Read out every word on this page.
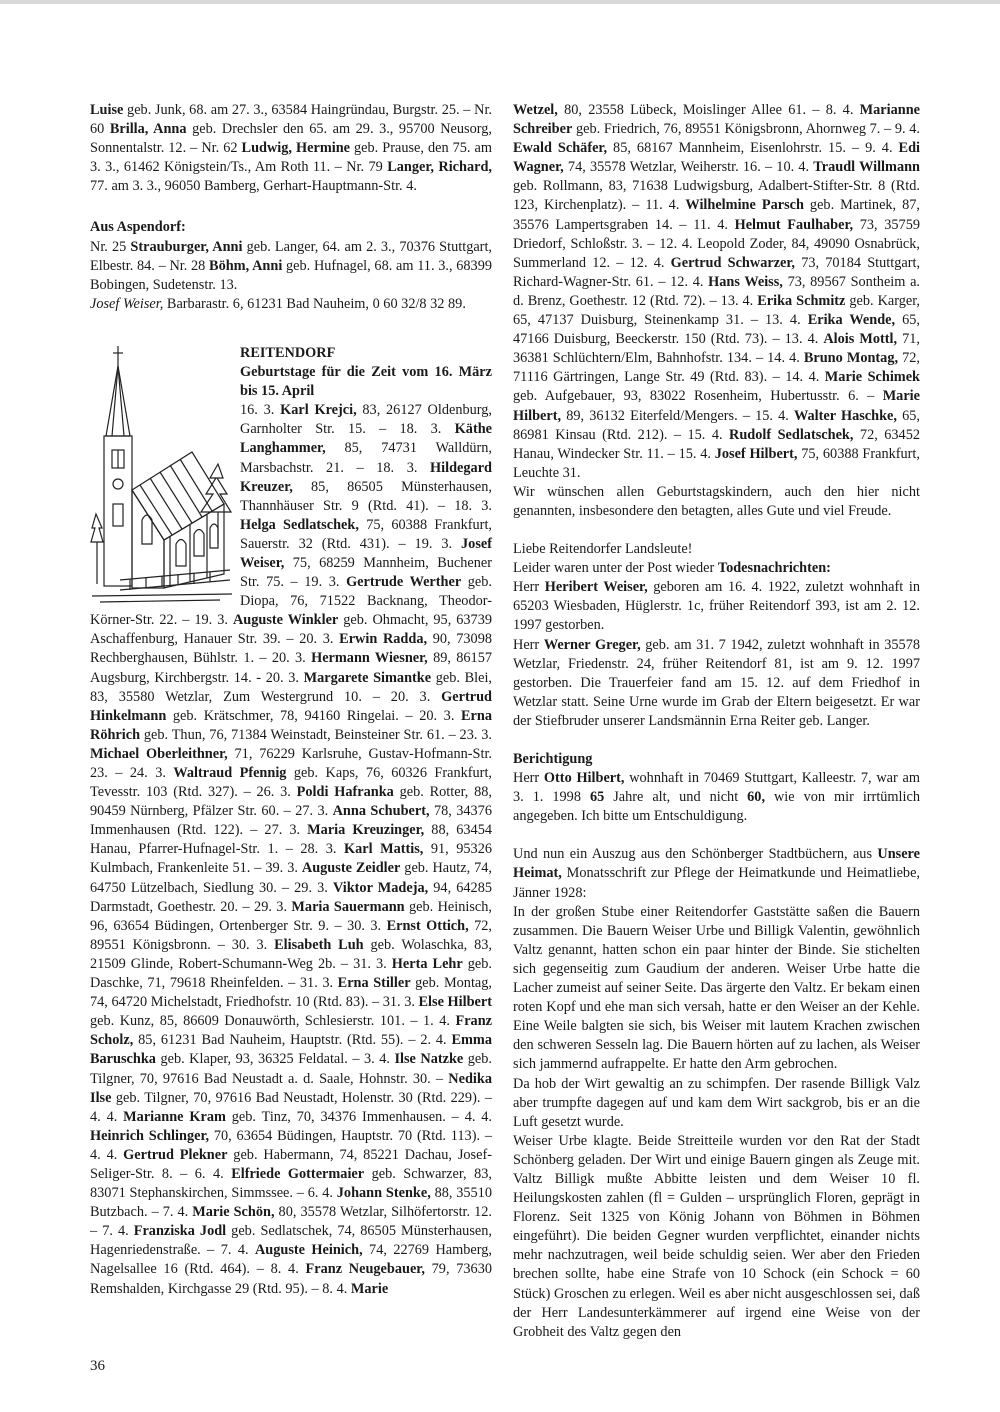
Luise geb. Junk, 68. am 27. 3., 63584 Haingründau, Burgstr. 25. – Nr. 60 Brilla, Anna geb. Drechsler den 65. am 29. 3., 95700 Neusorg, Sonnentalstr. 12. – Nr. 62 Ludwig, Hermine geb. Prause, den 75. am 3. 3., 61462 Königstein/Ts., Am Roth 11. – Nr. 79 Langer, Richard, 77. am 3. 3., 96050 Bamberg, Gerhart-Hauptmann-Str. 4.

Aus Aspendorf:

Nr. 25 Strauburger, Anni geb. Langer, 64. am 2. 3., 70376 Stuttgart, Elbestr. 84. – Nr. 28 Böhm, Anni geb. Hufnagel, 68. am 11. 3., 68399 Bobingen, Sudetenstr. 13.

Josef Weiser, Barbarastr. 6, 61231 Bad Nauheim, 0 60 32/8 32 89.

REITENDORF

Geburtstage für die Zeit vom 16. März bis 15. April

16. 3. Karl Krejci, 83, 26127 Oldenburg, Garnholter Str. 15. – 18. 3. Käthe Langhammer, 85, 74731 Walldürn, Marsbachstr. 21. – 18. 3. Hildegard Kreuzer, 85, 86505 Münsterhausen, Thannhäuser Str. 9 (Rtd. 41). – 18. 3. Helga Sedlatschek, 75, 60388 Frankfurt, Sauerstr. 32 (Rtd. 431). – 19. 3. Josef Weiser, 75, 68259 Mannheim, Buchener Str. 75. – 19. 3. Gertrude Werther geb. Diopa, 76, 71522 Backnang, Theodor-Körner-Str. 22. – 19. 3. Auguste Winkler geb. Ohmacht, 95, 63739 Aschaffenburg, Hanauer Str. 39. – 20. 3. Erwin Radda, 90, 73098 Rechberghausen, Bühlstr. 1. – 20. 3. Hermann Wiesner, 89, 86157 Augsburg, Kirchbergstr. 14. - 20. 3. Margarete Simantke geb. Blei, 83, 35580 Wetzlar, Zum Westergrund 10. – 20. 3. Gertrud Hinkelmann geb. Krätschmer, 78, 94160 Ringelai. – 20. 3. Erna Röhrich geb. Thun, 76, 71384 Weinstadt, Beinsteiner Str. 61. – 23. 3. Michael Oberleithner, 71, 76229 Karlsruhe, Gustav-Hofmann-Str. 23. – 24. 3. Waltraud Pfennig geb. Kaps, 76, 60326 Frankfurt, Tevesstr. 103 (Rtd. 327). – 26. 3. Poldi Hafranka geb. Rotter, 88, 90459 Nürnberg, Pfälzer Str. 60. – 27. 3. Anna Schubert, 78, 34376 Immenhausen (Rtd. 122). – 27. 3. Maria Kreuzinger, 88, 63454 Hanau, Pfarrer-Hufnagel-Str. 1. – 28. 3. Karl Mattis, 91, 95326 Kulmbach, Frankenleite 51. – 39. 3. Auguste Zeidler geb. Hautz, 74, 64750 Lützelbach, Siedlung 30. – 29. 3. Viktor Madeja, 94, 64285 Darmstadt, Goethestr. 20. – 29. 3. Maria Sauermann geb. Heinisch, 96, 63654 Büdingen, Ortenberger Str. 9. – 30. 3. Ernst Ottich, 72, 89551 Königsbronn. – 30. 3. Elisabeth Luh geb. Wolaschka, 83, 21509 Glinde, Robert-Schumann-Weg 2b. – 31. 3. Herta Lehr geb. Daschke, 71, 79618 Rheinfelden. – 31. 3. Erna Stiller geb. Montag, 74, 64720 Michelstadt, Friedhofstr. 10 (Rtd. 83). – 31. 3. Else Hilbert geb. Kunz, 85, 86609 Donauwörth, Schlesierstr. 101. – 1. 4. Franz Scholz, 85, 61231 Bad Nauheim, Hauptstr. (Rtd. 55). – 2. 4. Emma Baruschka geb. Klaper, 93, 36325 Feldatal. – 3. 4. Ilse Natzke geb. Tilgner, 70, 97616 Bad Neustadt a. d. Saale, Hohnstr. 30. – Nedika Ilse geb. Tilgner, 70, 97616 Bad Neustadt, Holenstr. 30 (Rtd. 229). – 4. 4. Marianne Kram geb. Tinz, 70, 34376 Immenhausen. – 4. 4. Heinrich Schlinger, 70, 63654 Büdingen, Hauptstr. 70 (Rtd. 113). – 4. 4. Gertrud Plekner geb. Habermann, 74, 85221 Dachau, Josef-Seliger-Str. 8. – 6. 4. Elfriede Gottermaier geb. Schwarzer, 83, 83071 Stephanskirchen, Simmssee. – 6. 4. Johann Stenke, 88, 35510 Butzbach. – 7. 4. Marie Schön, 80, 35578 Wetzlar, Silhöfertorstr. 12. – 7. 4. Franziska Jodl geb. Sedlatschek, 74, 86505 Münsterhausen, Hagenriedenstraße. – 7. 4. Auguste Heinich, 74, 22769 Hamberg, Nagelsallee 16 (Rtd. 464). – 8. 4. Franz Neugebauer, 79, 73630 Remshalden, Kirchgasse 29 (Rtd. 95). – 8. 4. Marie

Wetzel, 80, 23558 Lübeck, Moislinger Allee 61. – 8. 4. Marianne Schreiber geb. Friedrich, 76, 89551 Königsbronn, Ahornweg 7. – 9. 4. Ewald Schäfer, 85, 68167 Mannheim, Eisenlohrstr. 15. – 9. 4. Edi Wagner, 74, 35578 Wetzlar, Weiherstr. 16. – 10. 4. Traudl Willmann geb. Rollmann, 83, 71638 Ludwigsburg, Adalbert-Stifter-Str. 8 (Rtd. 123, Kirchenplatz). – 11. 4. Wilhelmine Parsch geb. Martinek, 87, 35576 Lampertsgraben 14. – 11. 4. Helmut Faulhaber, 73, 35759 Driedorf, Schloßstr. 3. – 12. 4. Leopold Zoder, 84, 49090 Osnabrück, Summerland 12. – 12. 4. Gertrud Schwarzer, 73, 70184 Stuttgart, Richard-Wagner-Str. 61. – 12. 4. Hans Weiss, 73, 89567 Sontheim a. d. Brenz, Goethestr. 12 (Rtd. 72). – 13. 4. Erika Schmitz geb. Karger, 65, 47137 Duisburg, Steinenkamp 31. – 13. 4. Erika Wende, 65, 47166 Duisburg, Beeckerstr. 150 (Rtd. 73). – 13. 4. Alois Mottl, 71, 36381 Schlüchtern/Elm, Bahnhofstr. 134. – 14. 4. Bruno Montag, 72, 71116 Gärtringen, Lange Str. 49 (Rtd. 83). – 14. 4. Marie Schimek geb. Aufgebauer, 93, 83022 Rosenheim, Hubertusstr. 6. – Marie Hilbert, 89, 36132 Eiterfeld/Mengers. – 15. 4. Walter Haschke, 65, 86981 Kinsau (Rtd. 212). – 15. 4. Rudolf Sedlatschek, 72, 63452 Hanau, Windecker Str. 11. – 15. 4. Josef Hilbert, 75, 60388 Frankfurt, Leuchte 31.

Wir wünschen allen Geburtstagskindern, auch den hier nicht genannten, insbesondere den betagten, alles Gute und viel Freude.

Liebe Reitendorfer Landsleute!

Leider waren unter der Post wieder Todesnachrichten:

Herr Heribert Weiser, geboren am 16. 4. 1922, zuletzt wohnhaft in 65203 Wiesbaden, Hüglerstr. 1c, früher Reitendorf 393, ist am 2. 12. 1997 gestorben.

Herr Werner Greger, geb. am 31. 7 1942, zuletzt wohnhaft in 35578 Wetzlar, Friedenstr. 24, früher Reitendorf 81, ist am 9. 12. 1997 gestorben. Die Trauerfeier fand am 15. 12. auf dem Friedhof in Wetzlar statt. Seine Urne wurde im Grab der Eltern beigesetzt. Er war der Stiefbruder unserer Landsmännin Erna Reiter geb. Langer.

Berichtigung

Herr Otto Hilbert, wohnhaft in 70469 Stuttgart, Kalleestr. 7, war am 3. 1. 1998 65 Jahre alt, und nicht 60, wie von mir irrtümlich angegeben. Ich bitte um Entschuldigung.

Und nun ein Auszug aus den Schönberger Stadtbüchern, aus Unsere Heimat, Monatsschrift zur Pflege der Heimatkunde und Heimatliebe, Jänner 1928:

In der großen Stube einer Reitendorfer Gaststätte saßen die Bauern zusammen. Die Bauern Weiser Urbe und Billigk Valentin, gewöhnlich Valtz genannt, hatten schon ein paar hinter der Binde. Sie stichelten sich gegenseitig zum Gaudium der anderen. Weiser Urbe hatte die Lacher zumeist auf seiner Seite. Das ärgerte den Valtz. Er bekam einen roten Kopf und ehe man sich versah, hatte er den Weiser an der Kehle. Eine Weile balgten sie sich, bis Weiser mit lautem Krachen zwischen den schweren Sesseln lag. Die Bauern hörten auf zu lachen, als Weiser sich jammernd aufrappelte. Er hatte den Arm gebrochen.

Da hob der Wirt gewaltig an zu schimpfen. Der rasende Billigk Valz aber trumpfte dagegen auf und kam dem Wirt sackgrob, bis er an die Luft gesetzt wurde.

Weiser Urbe klagte. Beide Streitteile wurden vor den Rat der Stadt Schönberg geladen. Der Wirt und einige Bauern gingen als Zeuge mit. Valtz Billigk mußte Abbitte leisten und dem Weiser 10 fl. Heilungskosten zahlen (fl = Gulden – ursprünglich Floren, geprägt in Florenz. Seit 1325 von König Johann von Böhmen in Böhmen eingeführt). Die beiden Gegner wurden verpflichtet, einander nichts mehr nachzutragen, weil beide schuldig seien. Wer aber den Frieden brechen sollte, habe eine Strafe von 10 Schock (ein Schock = 60 Stück) Groschen zu erlegen. Weil es aber nicht ausgeschlossen sei, daß der Herr Landesunterkämmerer auf irgend eine Weise von der Grobheit des Valtz gegen den

36
